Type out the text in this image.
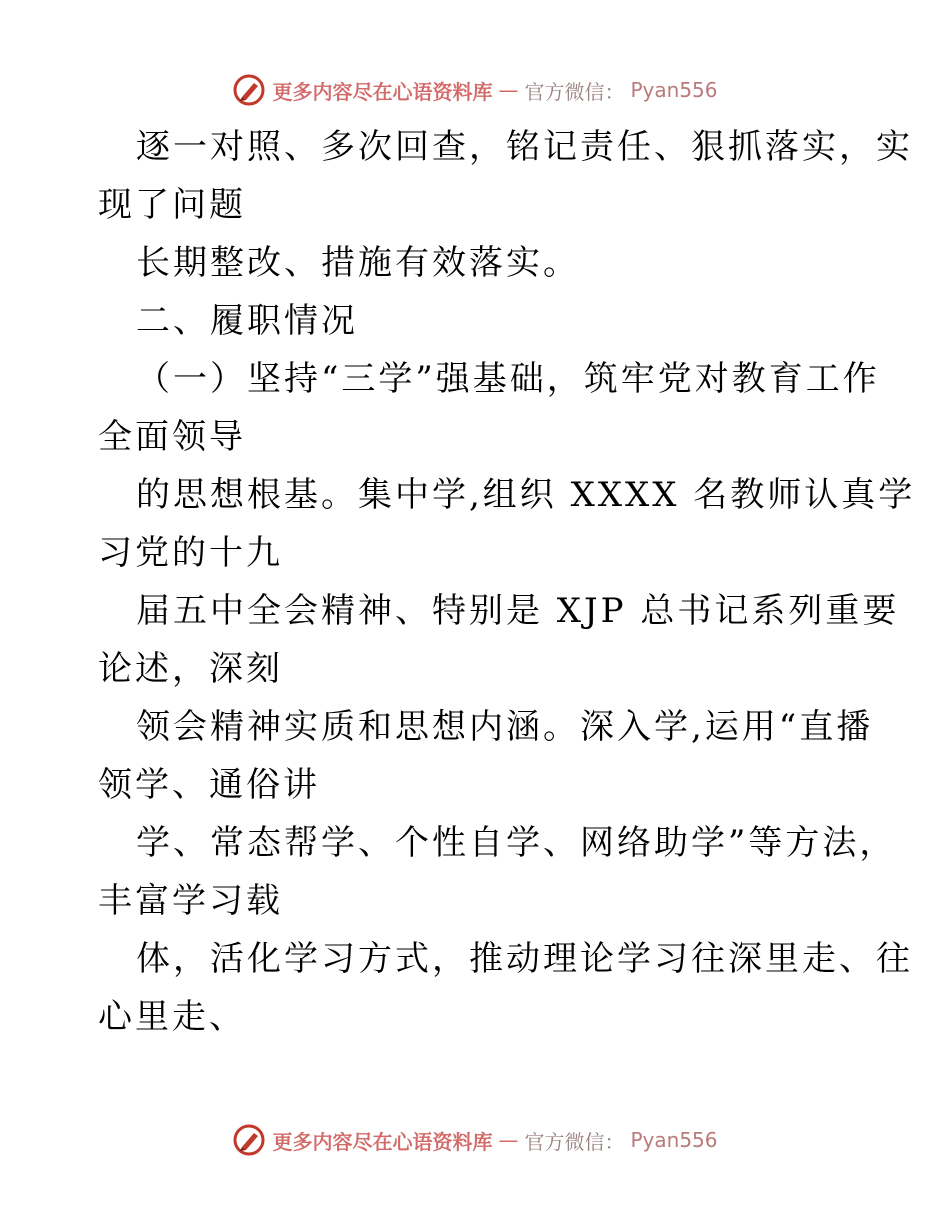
更多内容尽在心语资料库 — 官方微信： Pyan556
逐一对照、多次回查，铭记责任、狠抓落实，实
现了问题
长期整改、措施有效落实。
二、履职情况
（一）坚持“三学”强基础，筑牢党对教育工作
全面领导
的思想根基。集中学,组织 XXXX 名教师认真学
习党的十九
届五中全会精神、特别是 XJP 总书记系列重要
论述，深刻
领会精神实质和思想内涵。深入学,运用“直播
领学、通俗讲
学、常态帮学、个性自学、网络助学”等方法，
丰富学习载
体，活化学习方式，推动理论学习往深里走、往
心里走、
更多内容尽在心语资料库 — 官方微信： Pyan556
